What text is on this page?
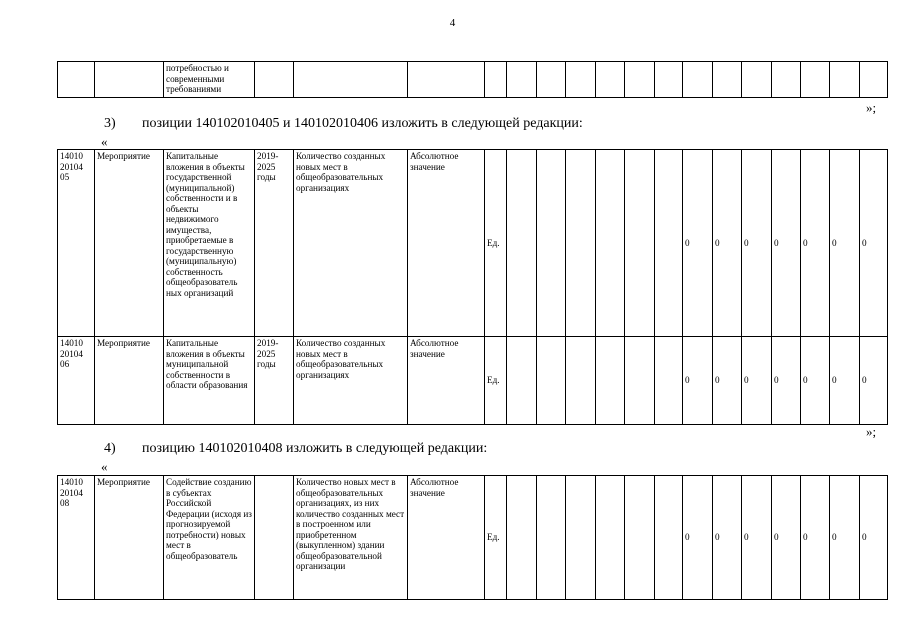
4
		потребностью и современными требованиями																	
»;
3) позиции 140102010405 и 140102010406 изложить в следующей редакции:
«
14010 20104 05	Мероприятие	Капитальные вложения в объекты государственной (муниципальной) собственности и в объекты недвижимого имущества, приобретаемые в государственную (муниципальную) собственность общеобразователь ных организаций	2019-2025 годы	Количество созданных новых мест в общеобразовательных организациях	Абсолютное значение	Ед.							0	0	0	0	0	0	0
14010 20104 06	Мероприятие	Капитальные вложения в объекты муниципальной собственности в области образования	2019-2025 годы	Количество созданных новых мест в общеобразовательных организациях	Абсолютное значение	Ед.							0	0	0	0	0	0	0
»;
4) позицию 140102010408 изложить в следующей редакции:
«
14010 20104 08	Мероприятие	Содействие созданию в субъектах Российской Федерации (исходя из прогнозируемой потребности) новых мест в общеобразователь		Количество новых мест в общеобразовательных организациях, из них количество созданных мест в построенном или приобретенном (выкупленном) здании общеобразовательной организации	Абсолютное значение	Ед.							0	0	0	0	0	0	0
